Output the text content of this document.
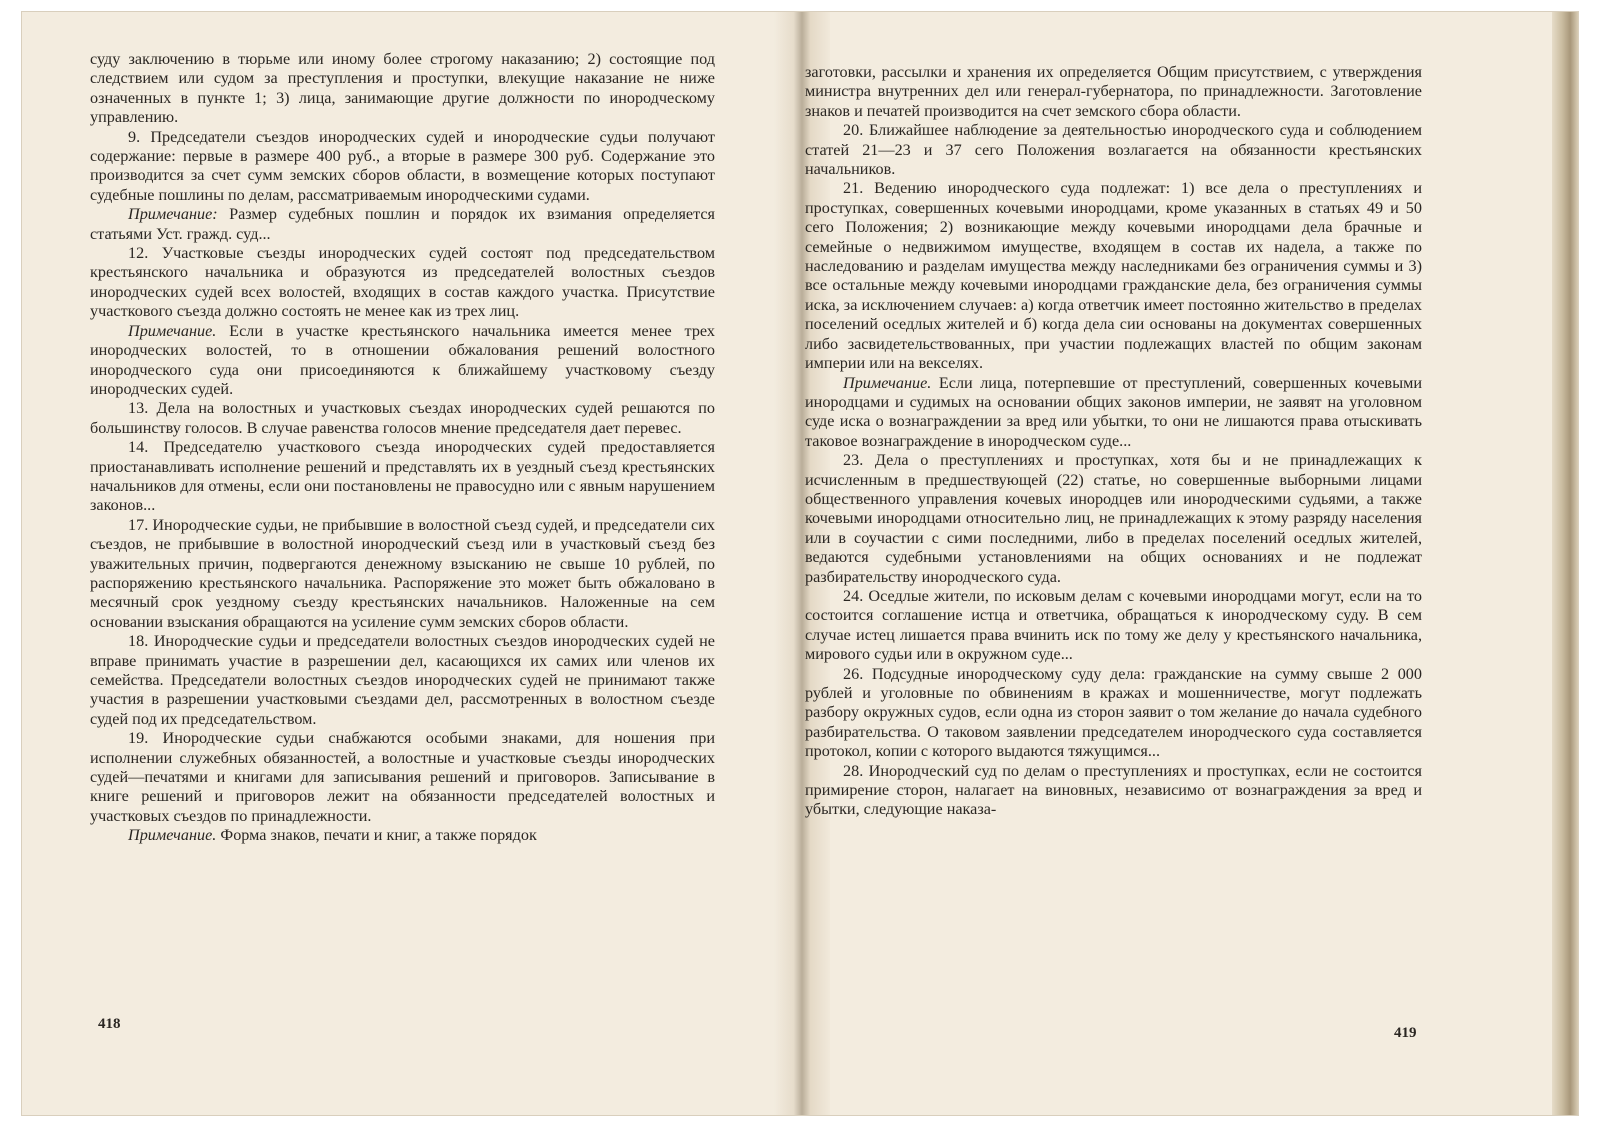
суду заключению в тюрьме или иному более строгому наказанию; 2) состоящие под следствием или судом за преступления и проступки, влекущие наказание не ниже означенных в пункте 1; 3) лица, занимающие другие должности по инородческому управлению.

9. Председатели съездов инородческих судей и инородческие судьи получают содержание: первые в размере 400 руб., а вторые в размере 300 руб. Содержание это производится за счет сумм земских сборов области, в возмещение которых поступают судебные пошлины по делам, рассматриваемым инородческими судами.

Примечание: Размер судебных пошлин и порядок их взимания определяется статьями Уст. гражд. суд...

12. Участковые съезды инородческих судей состоят под председательством крестьянского начальника и образуются из председателей волостных съездов инородческих судей всех волостей, входящих в состав каждого участка. Присутствие участкового съезда должно состоять не менее как из трех лиц.

Примечание. Если в участке крестьянского начальника имеется менее трех инородческих волостей, то в отношении обжалования решений волостного инородческого суда они присоединяются к ближайшему участковому съезду инородческих судей.

13. Дела на волостных и участковых съездах инородческих судей решаются по большинству голосов. В случае равенства голосов мнение председателя дает перевес.

14. Председателю участкового съезда инородческих судей предоставляется приостанавливать исполнение решений и представлять их в уездный съезд крестьянских начальников для отмены, если они постановлены не правосудно или с явным нарушением законов...

17. Инородческие судьи, не прибывшие в волостной съезд судей, и председатели сих съездов, не прибывшие в волостной инородческий съезд или в участковый съезд без уважительных причин, подвергаются денежному взысканию не свыше 10 рублей, по распоряжению крестьянского начальника. Распоряжение это может быть обжаловано в месячный срок уездному съезду крестьянских начальников. Наложенные на сем основании взыскания обращаются на усиление сумм земских сборов области.

18. Инородческие судьи и председатели волостных съездов инородческих судей не вправе принимать участие в разрешении дел, касающихся их самих или членов их семейства. Председатели волостных съездов инородческих судей не принимают также участия в разрешении участковыми съездами дел, рассмотренных в волостном съезде судей под их председательством.

19. Инородческие судьи снабжаются особыми знаками, для ношения при исполнении служебных обязанностей, а волостные и участковые съезды инородческих судей—печатями и книгами для записывания решений и приговоров. Записывание в книге решений и приговоров лежит на обязанности председателей волостных и участковых съездов по принадлежности.

Примечание. Форма знаков, печати и книг, а также порядок

заготовки, рассылки и хранения их определяется Общим присутствием, с утверждения министра внутренних дел или генерал-губернатора, по принадлежности. Заготовление знаков и печатей производится на счет земского сбора области.

20. Ближайшее наблюдение за деятельностью инородческого суда и соблюдением статей 21—23 и 37 сего Положения возлагается на обязанности крестьянских начальников.

21. Ведению инородческого суда подлежат: 1) все дела о преступлениях и проступках, совершенных кочевыми инородцами, кроме указанных в статьях 49 и 50 сего Положения; 2) возникающие между кочевыми инородцами дела брачные и семейные о недвижимом имуществе, входящем в состав их надела, а также по наследованию и разделам имущества между наследниками без ограничения суммы и 3) все остальные между кочевыми инородцами гражданские дела, без ограничения суммы иска, за исключением случаев: а) когда ответчик имеет постоянно жительство в пределах поселений оседлых жителей и б) когда дела сии основаны на документах совершенных либо засвидетельствованных, при участии подлежащих властей по общим законам империи или на векселях.

Примечание. Если лица, потерпевшие от преступлений, совершенных кочевыми инородцами и судимых на основании общих законов империи, не заявят на уголовном суде иска о вознаграждении за вред или убытки, то они не лишаются права отыскивать таковое вознаграждение в инородческом суде...

23. Дела о преступлениях и проступках, хотя бы и не принадлежащих к исчисленным в предшествующей (22) статье, но совершенные выборными лицами общественного управления кочевых инородцев или инородческими судьями, а также кочевыми инородцами относительно лиц, не принадлежащих к этому разряду населения или в соучастии с сими последними, либо в пределах поселений оседлых жителей, ведаются судебными установлениями на общих основаниях и не подлежат разбирательству инородческого суда.

24. Оседлые жители, по исковым делам с кочевыми инородцами могут, если на то состоится соглашение истца и ответчика, обращаться к инородческому суду. В сем случае истец лишается права вчинить иск по тому же делу у крестьянского начальника, мирового судьи или в окружном суде...

26. Подсудные инородческому суду дела: гражданские на сумму свыше 2 000 рублей и уголовные по обвинениям в кражах и мошенничестве, могут подлежать разбору окружных судов, если одна из сторон заявит о том желание до начала судебного разбирательства. О таковом заявлении председателем инородческого суда составляется протокол, копии с которого выдаются тяжущимся...

28. Инородческий суд по делам о преступлениях и проступках, если не состоится примирение сторон, налагает на виновных, независимо от вознаграждения за вред и убытки, следующие наказа-

418
419
